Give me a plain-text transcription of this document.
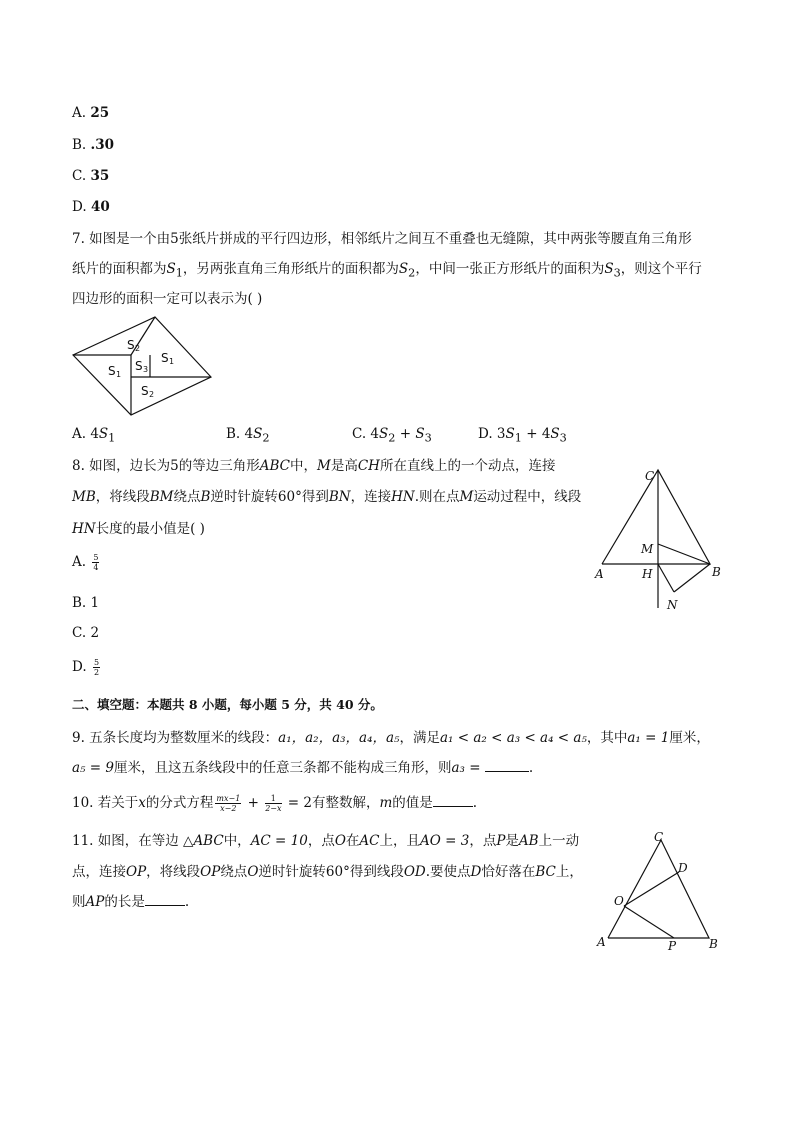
A. 25
B. .30
C. 35
D. 40
7. 如图是一个由5张纸片拼成的平行四边形，相邻纸片之间互不重叠也无缝隙，其中两张等腰直角三角形
纸片的面积都为$S_1$，另两张直角三角形纸片的面积都为$S_2$，中间一张正方形纸片的面积为$S_3$，则这个平行
四边形的面积一定可以表示为( )
S 2
S 3
S 1
S 1
S 2
A. $4S_1$	B. $4S_2$	C. $4S_2 + S_3$	D. $3S_1 + 4S_3$
8. 如图，边长为5的等边三角形ABC中，M是高CH所在直线上的一个动点，连接
MB，将线段BM绕点B逆时针旋转60°得到BN，连接HN.则在点M运动过程中，线段
HN长度的最小值是( )
A. $\frac{5}{4}$
B. 1
C. 2
D. $\frac{5}{2}$
C
M
A	H	B
N
二、填空题：本题共 8 小题，每小题 5 分，共 40 分。
9. 五条长度均为整数厘米的线段：a₁，a₂，a₃，a₄，a₅，满足a₁ < a₂ < a₃ < a₄ < a₅，其中a₁ = 1厘米，
a₅ = 9厘米，且这五条线段中的任意三条都不能构成三角形，则a₃ =	.
10. 若关于x的分式方程 $\frac{mx-1}{x-2} + \frac{1}{2-x} = 2$有整数解，m的值是	.
11. 如图，在等边 △ABC中，AC = 10，点O在AC上，且AO = 3，点P是AB上一动
点，连接OP，将线段OP绕点O逆时针旋转60°得到线段OD.要使点D恰好落在BC上，
则AP的长是	.
C
D
O
A	P	B
